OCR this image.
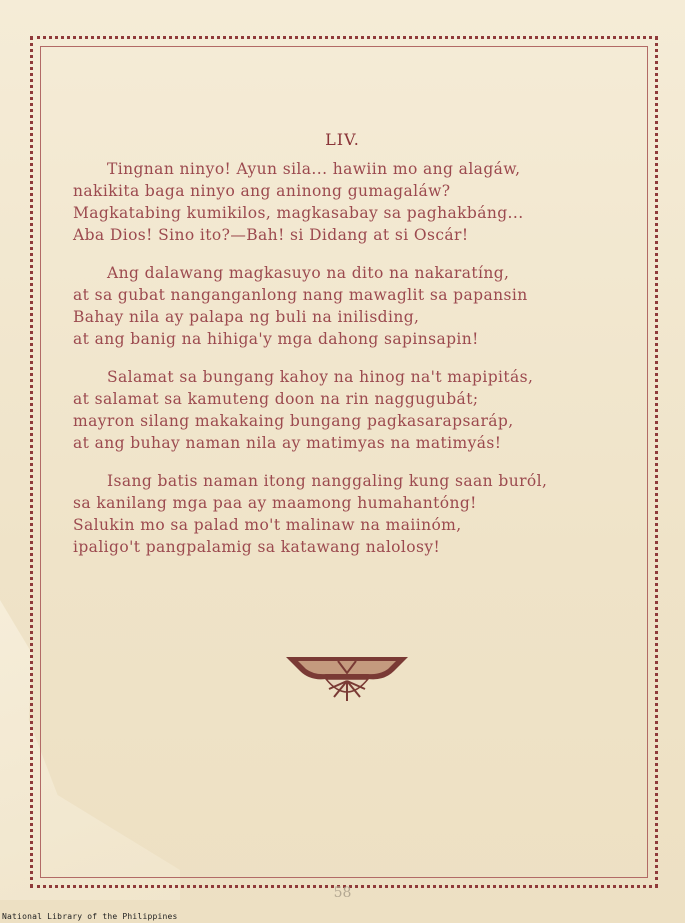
LIV.
Tingnan ninyo! Ayun sila... hawiin mo ang alagáw,
nakikita baga ninyo ang aninong gumagaláw?
Magkatabing kumikilos, magkasabay sa paghakbáng...
Aba Dios! Sino ito?—Bah! si Didang at si Oscár!
Ang dalawang magkasuyo na dito na nakaratíng,
at sa gubat nanganganlong nang mawaglit sa papansin
Bahay nila ay palapa ng buli na inilisding,
at ang banig na hihiga'y mga dahong sapinsapin!
Salamat sa bungang kahoy na hinog na't mapipitás,
at salamat sa kamuteng doon na rin naggugubát;
mayron silang makakaing bungang pagkasarapsaráp,
at ang buhay naman nila ay matimyas na matimyás!
Isang batis naman itong nanggaling kung saan buról,
sa kanilang mga paa ay maamong humahantóng!
Salukin mo sa palad mo't malinaw na maiinóm,
ipaligo't pangpalamig sa katawang nalolosy!
58
National Library of the Philippines
